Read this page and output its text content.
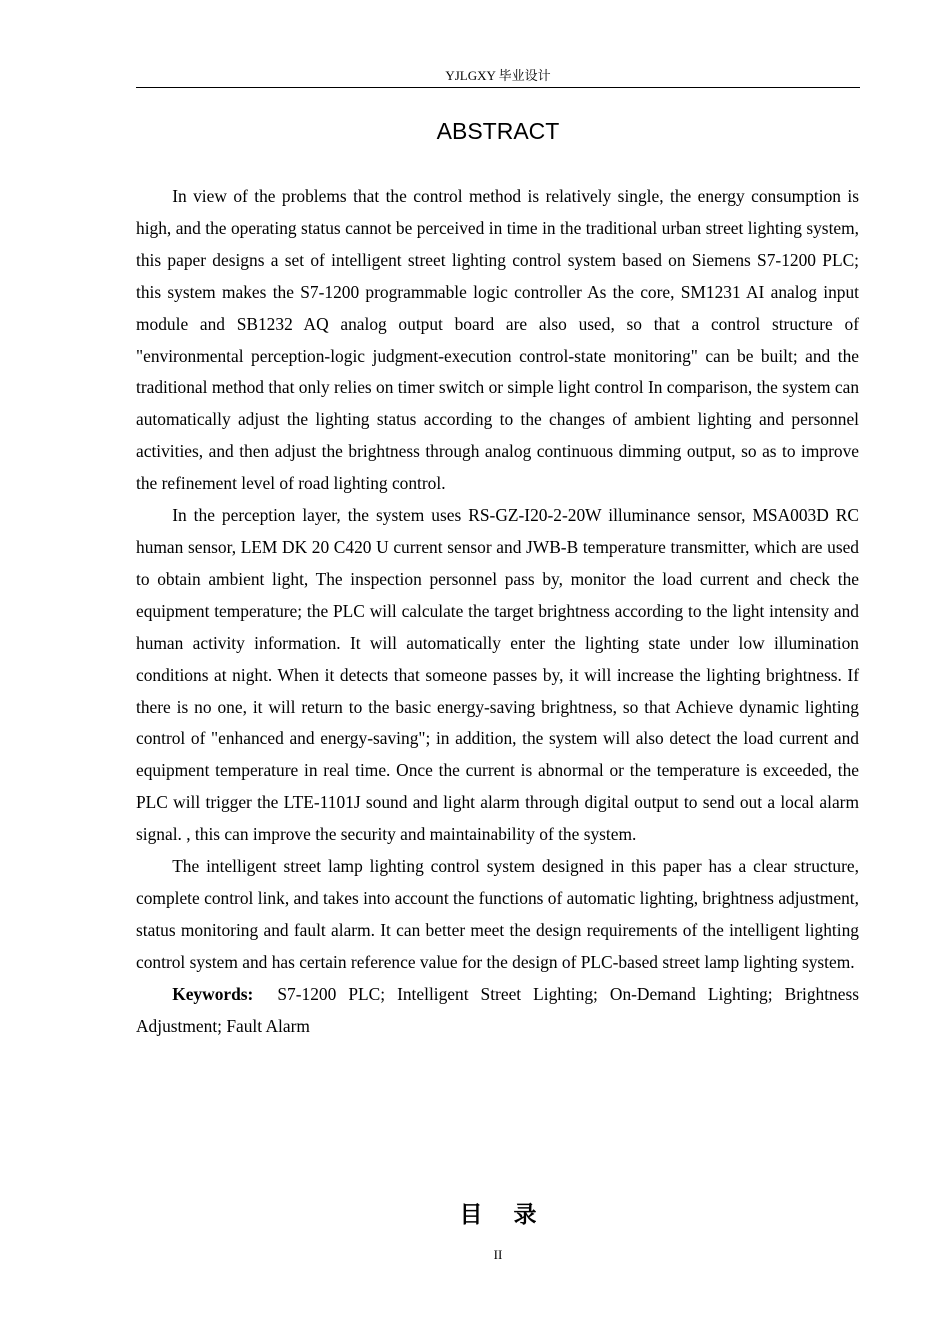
YJLGXY 毕业设计
ABSTRACT

In view of the problems that the control method is relatively single, the energy consumption is high, and the operating status cannot be perceived in time in the traditional urban street lighting system, this paper designs a set of intelligent street lighting control system based on Siemens S7-1200 PLC; this system makes the S7-1200 programmable logic controller As the core, SM1231 AI analog input module and SB1232 AQ analog output board are also used, so that a control structure of "environmental perception-logic judgment-execution control-state monitoring" can be built; and the traditional method that only relies on timer switch or simple light control In comparison, the system can automatically adjust the lighting status according to the changes of ambient lighting and personnel activities, and then adjust the brightness through analog continuous dimming output, so as to improve the refinement level of road lighting control.

In the perception layer, the system uses RS-GZ-I20-2-20W illuminance sensor, MSA003D RC human sensor, LEM DK 20 C420 U current sensor and JWB-B temperature transmitter, which are used to obtain ambient light, The inspection personnel pass by, monitor the load current and check the equipment temperature; the PLC will calculate the target brightness according to the light intensity and human activity information. It will automatically enter the lighting state under low illumination conditions at night. When it detects that someone passes by, it will increase the lighting brightness. If there is no one, it will return to the basic energy-saving brightness, so that Achieve dynamic lighting control of "enhanced and energy-saving"; in addition, the system will also detect the load current and equipment temperature in real time. Once the current is abnormal or the temperature is exceeded, the PLC will trigger the LTE-1101J sound and light alarm through digital output to send out a local alarm signal. , this can improve the security and maintainability of the system.

The intelligent street lamp lighting control system designed in this paper has a clear structure, complete control link, and takes into account the functions of automatic lighting, brightness adjustment, status monitoring and fault alarm. It can better meet the design requirements of the intelligent lighting control system and has certain reference value for the design of PLC-based street lamp lighting system.

Keywords: S7-1200 PLC; Intelligent Street Lighting; On-Demand Lighting; Brightness Adjustment; Fault Alarm

目 录
II
